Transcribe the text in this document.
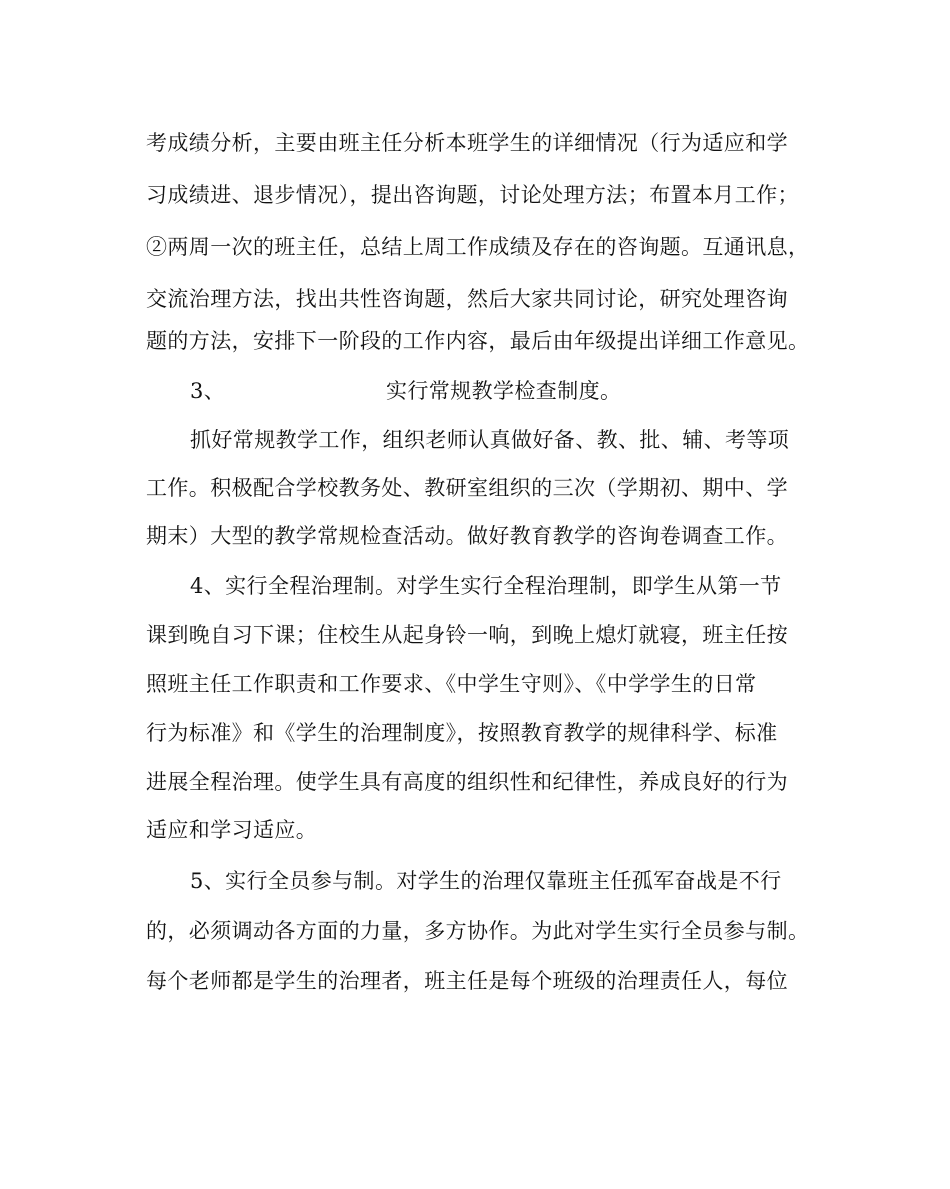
考成绩分析，主要由班主任分析本班学生的详细情况（行为适应和学
习成绩进、退步情况），提出咨询题，讨论处理方法；布置本月工作；
②两周一次的班主任，总结上周工作成绩及存在的咨询题。互通讯息，
交流治理方法，找出共性咨询题，然后大家共同讨论，研究处理咨询
题的方法，安排下一阶段的工作内容，最后由年级提出详细工作意见。
3、	实行常规教学检查制度。
抓好常规教学工作，组织老师认真做好备、教、批、辅、考等项
工作。积极配合学校教务处、教研室组织的三次（学期初、期中、学
期末）大型的教学常规检查活动。做好教育教学的咨询卷调查工作。
4、实行全程治理制。对学生实行全程治理制，即学生从第一节
课到晚自习下课；住校生从起身铃一响，到晚上熄灯就寝，班主任按
照班主任工作职责和工作要求、《中学生守则》、《中学学生的日常
行为标准》和《学生的治理制度》，按照教育教学的规律科学、标准
进展全程治理。使学生具有高度的组织性和纪律性，养成良好的行为
适应和学习适应。
5、实行全员参与制。对学生的治理仅靠班主任孤军奋战是不行
的，必须调动各方面的力量，多方协作。为此对学生实行全员参与制。
每个老师都是学生的治理者，班主任是每个班级的治理责任人，每位
